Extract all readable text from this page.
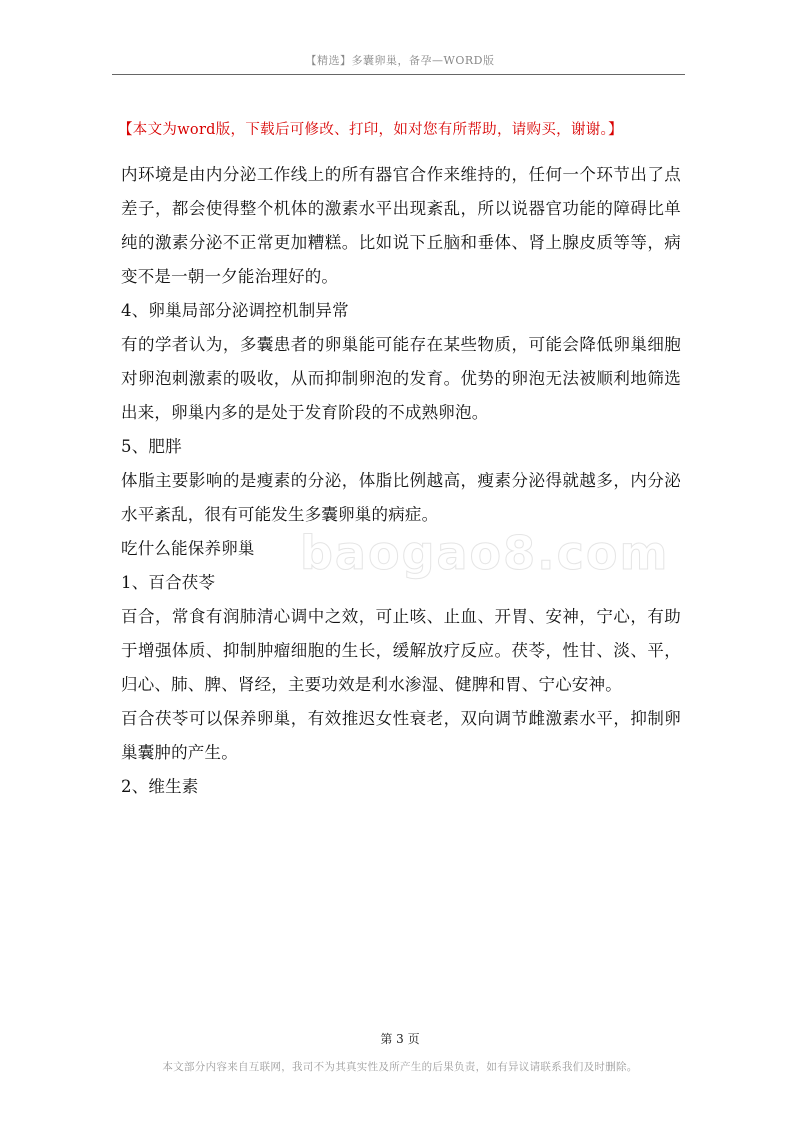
【精选】多囊卵巢，备孕—WORD版
【本文为word版，下载后可修改、打印，如对您有所帮助，请购买，谢谢。】

内环境是由内分泌工作线上的所有器官合作来维持的，任何一个环节出了点差子，都会使得整个机体的激素水平出现紊乱，所以说器官功能的障碍比单纯的激素分泌不正常更加糟糕。比如说下丘脑和垂体、肾上腺皮质等等，病变不是一朝一夕能治理好的。

4、卵巢局部分泌调控机制异常

有的学者认为，多囊患者的卵巢能可能存在某些物质，可能会降低卵巢细胞对卵泡刺激素的吸收，从而抑制卵泡的发育。优势的卵泡无法被顺利地筛选出来，卵巢内多的是处于发育阶段的不成熟卵泡。

5、肥胖

体脂主要影响的是瘦素的分泌，体脂比例越高，瘦素分泌得就越多，内分泌水平紊乱，很有可能发生多囊卵巢的病症。

吃什么能保养卵巢

1、百合茯苓

百合，常食有润肺清心调中之效，可止咳、止血、开胃、安神，宁心，有助于增强体质、抑制肿瘤细胞的生长，缓解放疗反应。茯苓，性甘、淡、平，归心、肺、脾、肾经，主要功效是利水渗湿、健脾和胃、宁心安神。

百合茯苓可以保养卵巢，有效推迟女性衰老，双向调节雌激素水平，抑制卵巢囊肿的产生。

2、维生素

baogao8.com
第 3 页
本文部分内容来自互联网，我司不为其真实性及所产生的后果负责，如有异议请联系我们及时删除。
